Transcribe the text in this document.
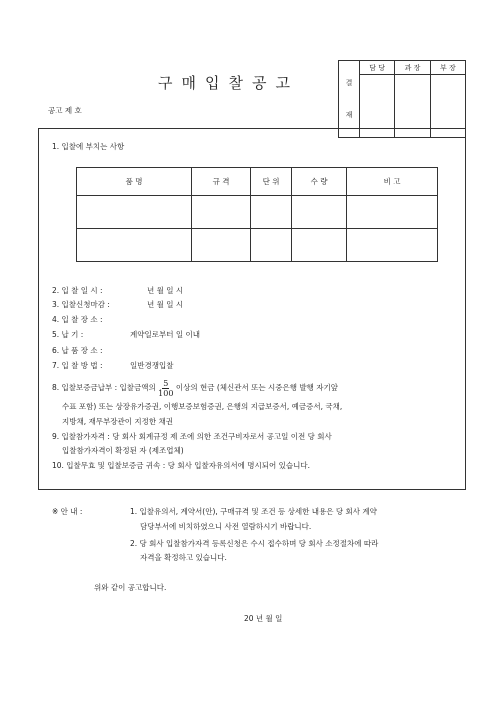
구매입찰공고
공고 제 호
결
재	담 당	과 장	부 장

1. 입찰에 부치는 사항
품 명	규 격	단 위	수 량	비 고

2. 입 찰 일 시 :	년 월 일 시
3. 입찰신청마감 :	년 월 일 시
4. 입 찰 장 소 :
5. 납 기 :	계약일로부터 일 이내
6. 납 품 장 소 :
7. 입 찰 방 법 :	일반경쟁입찰
8. 입찰보증금납부 : 입찰금액의 $\frac{5}{100}$ 이상의 현금 (체신관서 또는 시중은행 발행 자기앞
수표 포함) 또는 상장유가증권, 이행보증보험증권, 은행의 지급보증서, 예금증서, 국채,
지방채, 재무부장관이 지정한 채권
9. 입찰참가자격 : 당 회사 회계규정 제 조에 의한 조건구비자로서 공고일 이전 당 회사
입찰참가자격이 확정된 자 (제조업체)
10. 입찰무효 및 입찰보증금 귀속 : 당 회사 입찰자유의서에 명시되어 있습니다.
※ 안 내 :	1. 입찰유의서, 계약서(안), 구매규격 및 조건 등 상세한 내용은 당 회사 계약
담당부서에 비치하였으니 사전 열람하시기 바랍니다.
2. 당 회사 입찰참가자격 등록신청은 수시 접수하며 당 회사 소정절차에 따라
자격을 확정하고 있습니다.
위와 같이 공고합니다.
20 년 월 일
